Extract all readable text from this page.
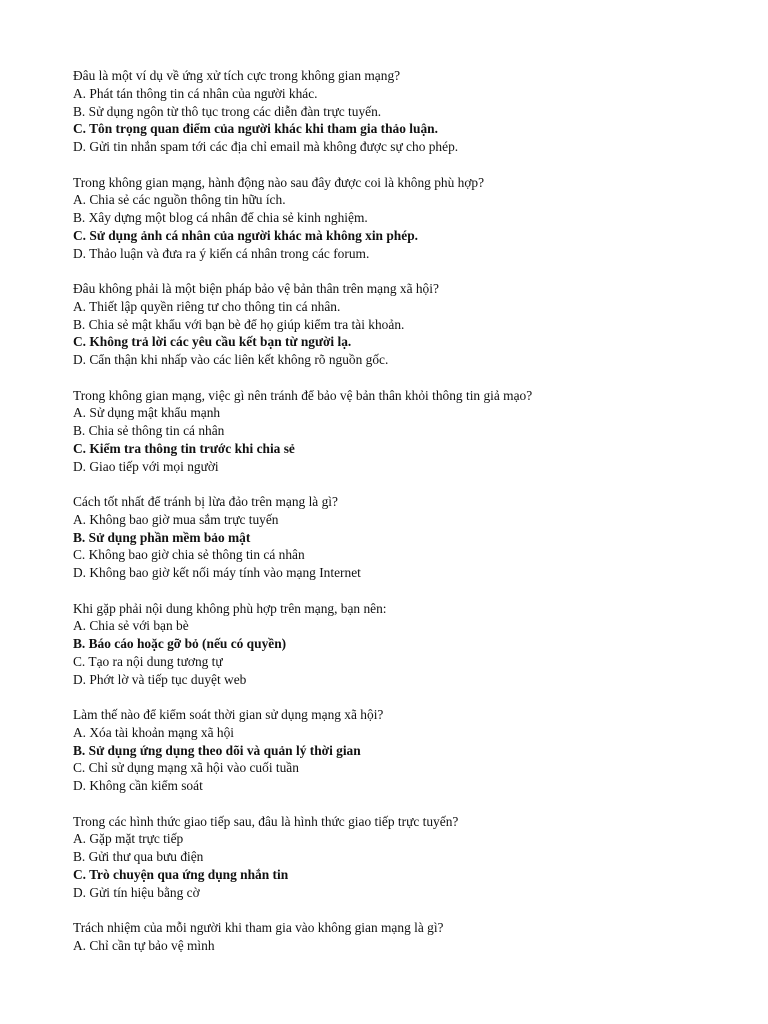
Đâu là một ví dụ về ứng xử tích cực trong không gian mạng?
A. Phát tán thông tin cá nhân của người khác.
B. Sử dụng ngôn từ thô tục trong các diễn đàn trực tuyến.
C. Tôn trọng quan điểm của người khác khi tham gia thảo luận.
D. Gửi tin nhắn spam tới các địa chỉ email mà không được sự cho phép.
Trong không gian mạng, hành động nào sau đây được coi là không phù hợp?
A. Chia sẻ các nguồn thông tin hữu ích.
B. Xây dựng một blog cá nhân để chia sẻ kinh nghiệm.
C. Sử dụng ảnh cá nhân của người khác mà không xin phép.
D. Thảo luận và đưa ra ý kiến cá nhân trong các forum.
Đâu không phải là một biện pháp bảo vệ bản thân trên mạng xã hội?
A. Thiết lập quyền riêng tư cho thông tin cá nhân.
B. Chia sẻ mật khẩu với bạn bè để họ giúp kiểm tra tài khoản.
C. Không trả lời các yêu cầu kết bạn từ người lạ.
D. Cẩn thận khi nhấp vào các liên kết không rõ nguồn gốc.
Trong không gian mạng, việc gì nên tránh để bảo vệ bản thân khỏi thông tin giả mạo?
A. Sử dụng mật khẩu mạnh
B. Chia sẻ thông tin cá nhân
C. Kiểm tra thông tin trước khi chia sẻ
D. Giao tiếp với mọi người
Cách tốt nhất để tránh bị lừa đảo trên mạng là gì?
A. Không bao giờ mua sắm trực tuyến
B. Sử dụng phần mềm bảo mật
C. Không bao giờ chia sẻ thông tin cá nhân
D. Không bao giờ kết nối máy tính vào mạng Internet
Khi gặp phải nội dung không phù hợp trên mạng, bạn nên:
A. Chia sẻ với bạn bè
B. Báo cáo hoặc gỡ bỏ (nếu có quyền)
C. Tạo ra nội dung tương tự
D. Phớt lờ và tiếp tục duyệt web
Làm thế nào để kiểm soát thời gian sử dụng mạng xã hội?
A. Xóa tài khoản mạng xã hội
B. Sử dụng ứng dụng theo dõi và quản lý thời gian
C. Chỉ sử dụng mạng xã hội vào cuối tuần
D. Không cần kiểm soát
Trong các hình thức giao tiếp sau, đâu là hình thức giao tiếp trực tuyến?
A. Gặp mặt trực tiếp
B. Gửi thư qua bưu điện
C. Trò chuyện qua ứng dụng nhắn tin
D. Gửi tín hiệu bằng cờ
Trách nhiệm của mỗi người khi tham gia vào không gian mạng là gì?
A. Chỉ cần tự bảo vệ mình
